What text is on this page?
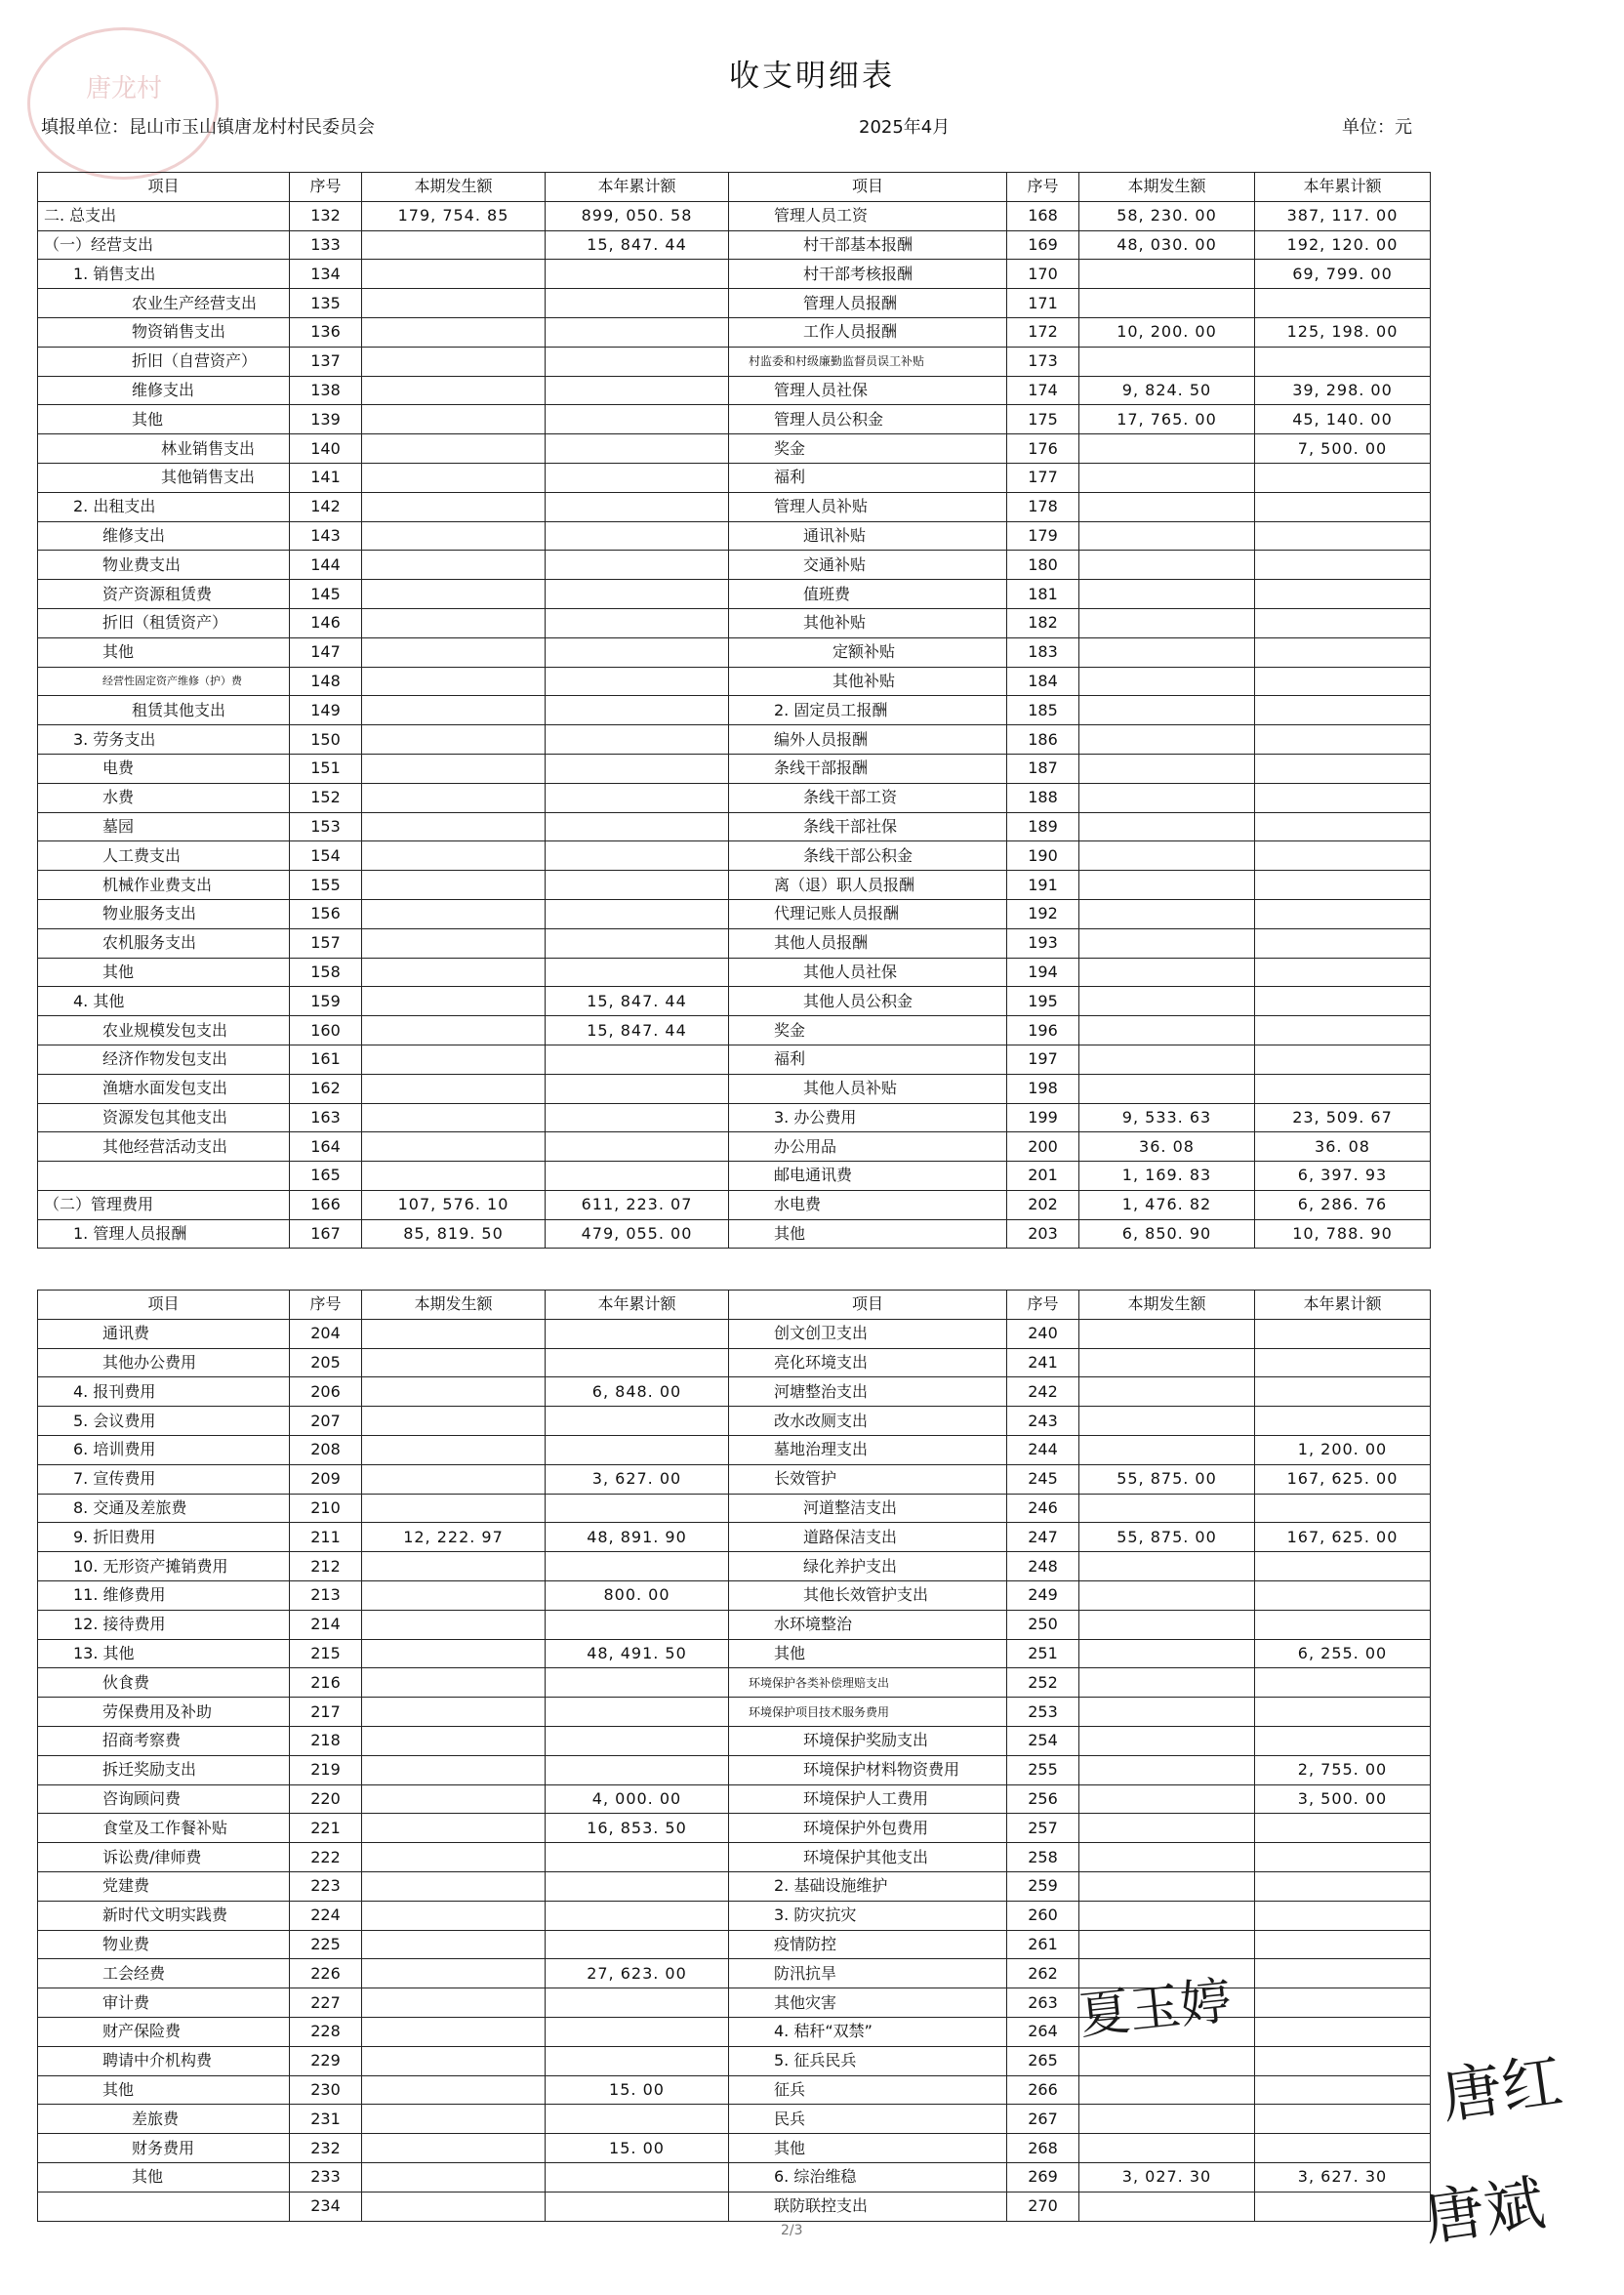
唐龙村	收支明细表
填报单位：昆山市玉山镇唐龙村村民委员会	2025年4月	单位：元
项目	序号	本期发生额	本年累计额	项目	序号	本期发生额	本年累计额
二. 总支出	132	179, 754. 85	899, 050. 58	管理人员工资	168	58, 230. 00	387, 117. 00
（一）经营支出	133		15, 847. 44	村干部基本报酬	169	48, 030. 00	192, 120. 00
1. 销售支出	134			村干部考核报酬	170		69, 799. 00
农业生产经营支出	135			管理人员报酬	171		
物资销售支出	136			工作人员报酬	172	10, 200. 00	125, 198. 00
折旧（自营资产）	137			村监委和村级廉勤监督员误工补贴	173		
维修支出	138			管理人员社保	174	9, 824. 50	39, 298. 00
其他	139			管理人员公积金	175	17, 765. 00	45, 140. 00
林业销售支出	140			奖金	176		7, 500. 00
其他销售支出	141			福利	177		
2. 出租支出	142			管理人员补贴	178		
维修支出	143			通讯补贴	179		
物业费支出	144			交通补贴	180		
资产资源租赁费	145			值班费	181		
折旧（租赁资产）	146			其他补贴	182		
其他	147			定额补贴	183		
经营性固定资产维修（护）费	148			其他补贴	184		
租赁其他支出	149			2. 固定员工报酬	185		
3. 劳务支出	150			编外人员报酬	186		
电费	151			条线干部报酬	187		
水费	152			条线干部工资	188		
墓园	153			条线干部社保	189		
人工费支出	154			条线干部公积金	190		
机械作业费支出	155			离（退）职人员报酬	191		
物业服务支出	156			代理记账人员报酬	192		
农机服务支出	157			其他人员报酬	193		
其他	158			其他人员社保	194		
4. 其他	159		15, 847. 44	其他人员公积金	195		
农业规模发包支出	160		15, 847. 44	奖金	196		
经济作物发包支出	161			福利	197		
渔塘水面发包支出	162			其他人员补贴	198		
资源发包其他支出	163			3. 办公费用	199	9, 533. 63	23, 509. 67
其他经营活动支出	164			办公用品	200	36. 08	36. 08
	165			邮电通讯费	201	1, 169. 83	6, 397. 93
（二）管理费用	166	107, 576. 10	611, 223. 07	水电费	202	1, 476. 82	6, 286. 76
1. 管理人员报酬	167	85, 819. 50	479, 055. 00	其他	203	6, 850. 90	10, 788. 90
项目	序号	本期发生额	本年累计额	项目	序号	本期发生额	本年累计额
通讯费	204			创文创卫支出	240		
其他办公费用	205			亮化环境支出	241		
4. 报刊费用	206		6, 848. 00	河塘整治支出	242		
5. 会议费用	207			改水改厕支出	243		
6. 培训费用	208			墓地治理支出	244		1, 200. 00
7. 宣传费用	209		3, 627. 00	长效管护	245	55, 875. 00	167, 625. 00
8. 交通及差旅费	210			河道整洁支出	246		
9. 折旧费用	211	12, 222. 97	48, 891. 90	道路保洁支出	247	55, 875. 00	167, 625. 00
10. 无形资产摊销费用	212			绿化养护支出	248		
11. 维修费用	213		800. 00	其他长效管护支出	249		
12. 接待费用	214			水环境整治	250		
13. 其他	215		48, 491. 50	其他	251		6, 255. 00
伙食费	216			环境保护各类补偿理赔支出	252		
劳保费用及补助	217			环境保护项目技术服务费用	253		
招商考察费	218			环境保护奖励支出	254		
拆迁奖励支出	219			环境保护材料物资费用	255		2, 755. 00
咨询顾问费	220		4, 000. 00	环境保护人工费用	256		3, 500. 00
食堂及工作餐补贴	221		16, 853. 50	环境保护外包费用	257		
诉讼费/律师费	222			环境保护其他支出	258		
党建费	223			2. 基础设施维护	259		
新时代文明实践费	224			3. 防灾抗灾	260		
物业费	225			疫情防控	261		
工会经费	226		27, 623. 00	防汛抗旱	262		
审计费	227			其他灾害	263		
财产保险费	228			4. 秸秆“双禁”	264		
聘请中介机构费	229			5. 征兵民兵	265		
其他	230		15. 00	征兵	266		
差旅费	231			民兵	267		
财务费用	232		15. 00	其他	268		
其他	233			6. 综治维稳	269	3, 027. 30	3, 627. 30
	234			联防联控支出	270		
夏玉婷
唐红
唐斌
2/3
